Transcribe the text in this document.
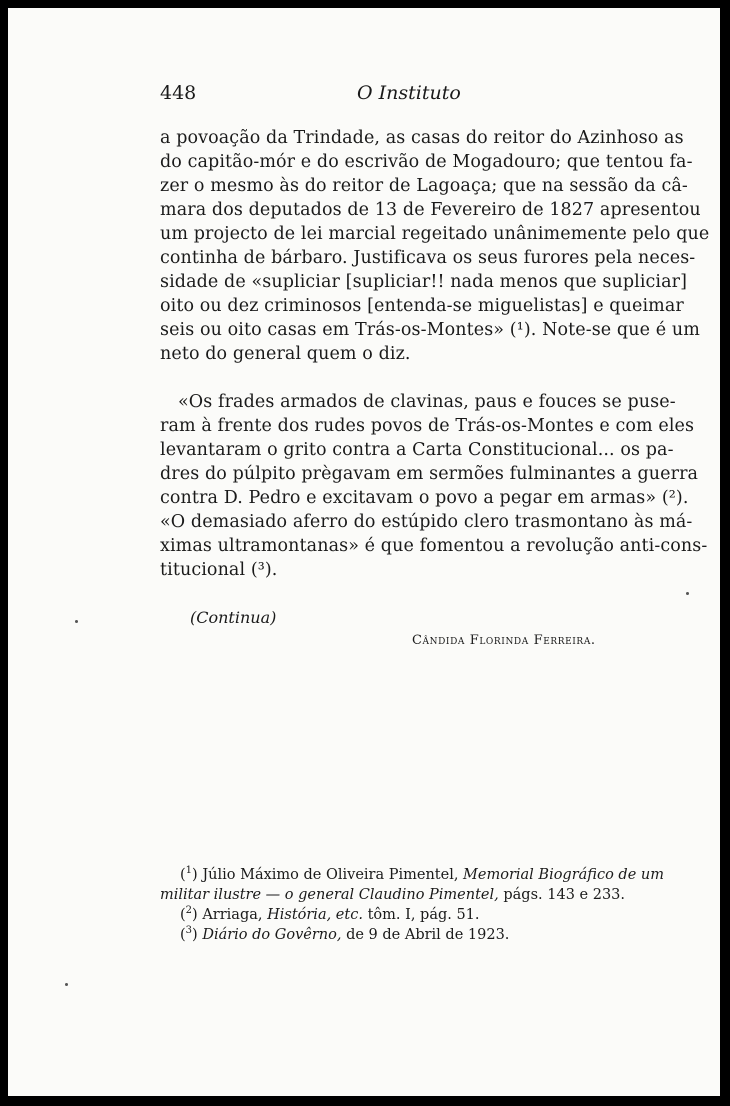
448	O Instituto
a povoação da Trindade, as casas do reitor do Azinhoso as
do capitão-mór e do escrivão de Mogadouro; que tentou fa-
zer o mesmo às do reitor de Lagoaça; que na sessão da câ-
mara dos deputados de 13 de Fevereiro de 1827 apresentou
um projecto de lei marcial regeitado unânimemente pelo que
continha de bárbaro. Justificava os seus furores pela neces-
sidade de «supliciar [supliciar!! nada menos que supliciar]
oito ou dez criminosos [entenda-se miguelistas] e queimar
seis ou oito casas em Trás-os-Montes» (¹). Note-se que é um
neto do general quem o diz.
«Os frades armados de clavinas, paus e fouces se puse-
ram à frente dos rudes povos de Trás-os-Montes e com eles
levantaram o grito contra a Carta Constitucional... os pa-
dres do púlpito prègavam em sermões fulminantes a guerra
contra D. Pedro e excitavam o povo a pegar em armas» (²).
«O demasiado aferro do estúpido clero trasmontano às má-
ximas ultramontanas» é que fomentou a revolução anti-cons-
titucional (³).
(Continua)
Cândida Florinda Ferreira.
($^1$) Júlio Máximo de Oliveira Pimentel, Memorial Biográfico de um
militar ilustre — o general Claudino Pimentel, págs. 143 e 233.
($^2$) Arriaga, História, etc. tôm. I, pág. 51.
($^3$) Diário do Govêrno, de 9 de Abril de 1923.
